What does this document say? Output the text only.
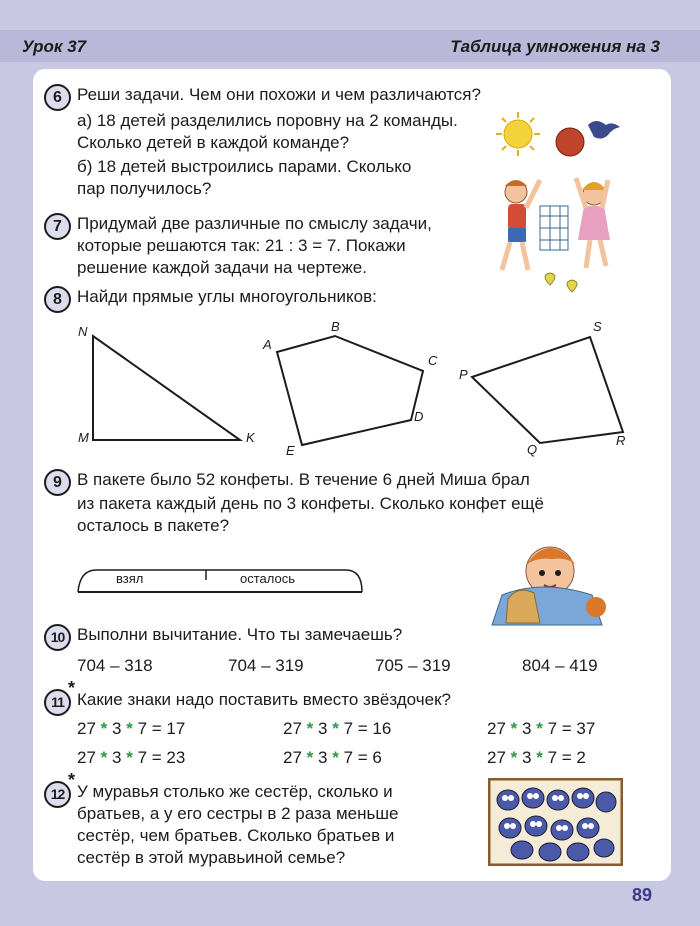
Урок 37	Таблица умножения на 3
6 Реши задачи. Чем они похожи и чем различаются?
а) 18 детей разделились поровну на 2 команды.
Сколько детей в каждой команде?
б) 18 детей выстроились парами. Сколько
пар получилось?
7 Придумай две различные по смыслу задачи,
которые решаются так: 21 : 3 = 7. Покажи
решение каждой задачи на чертеже.
8 Найди прямые углы многоугольников:
N
M	K
A
B
C
D
E
P
S
R
Q
9 В пакете было 52 конфеты. В течение 6 дней Миша брал
из пакета каждый день по 3 конфеты. Сколько конфет ещё
осталось в пакете?
взял	осталось
10 Выполни вычитание. Что ты замечаешь?
704 – 318	704 – 319	705 – 319	804 – 419
11
*
Какие знаки надо поставить вместо звёздочек?
27 * 3 * 7 = 17	27 * 3 * 7 = 16	27 * 3 * 7 = 37
27 * 3 * 7 = 23	27 * 3 * 7 = 6	27 * 3 * 7 = 2
12
*
У муравья столько же сестёр, сколько и
братьев, а у его сестры в 2 раза меньше
сестёр, чем братьев. Сколько братьев и
сестёр в этой муравьиной семье?
89
